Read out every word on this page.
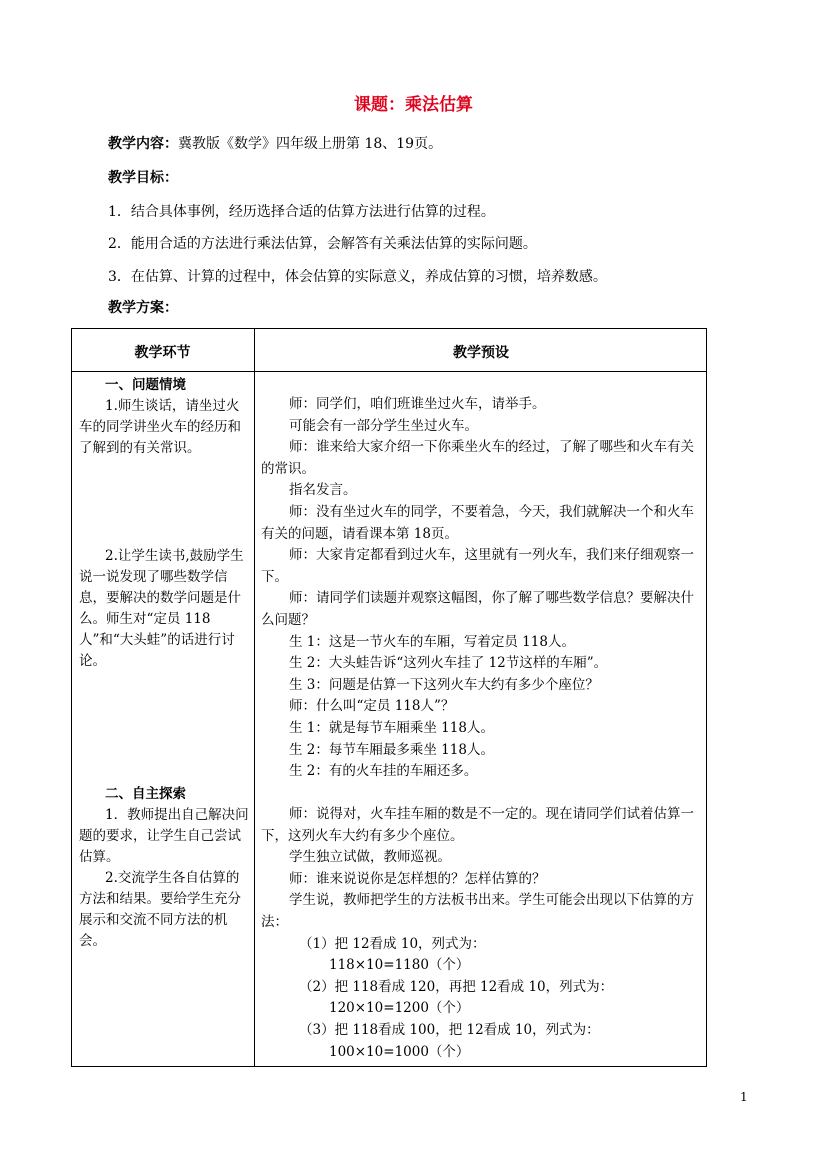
课题：乘法估算
教学内容：冀教版《数学》四年级上册第 18、19页。
教学目标：
1．结合具体事例，经历选择合适的估算方法进行估算的过程。
2．能用合适的方法进行乘法估算，会解答有关乘法估算的实际问题。
3．在估算、计算的过程中，体会估算的实际意义，养成估算的习惯，培养数感。
教学方案：
教学环节	教学预设
一、问题情境

1.师生谈话，请坐过火车的同学讲坐火车的经历和了解到的有关常识。

2.让学生读书,鼓励学生说一说发现了哪些数学信息，要解决的数学问题是什么。师生对“定员 118 人”和“大头蛙”的话进行讨论。

二、自主探索

1．教师提出自己解决问题的要求，让学生自己尝试估算。

2.交流学生各自估算的方法和结果。要给学生充分展示和交流不同方法的机会。

师：同学们，咱们班谁坐过火车，请举手。

可能会有一部分学生坐过火车。

师：谁来给大家介绍一下你乘坐火车的经过，了解了哪些和火车有关的常识。

指名发言。

师：没有坐过火车的同学，不要着急，今天，我们就解决一个和火车有关的问题，请看课本第 18页。

师：大家肯定都看到过火车，这里就有一列火车，我们来仔细观察一下。

师：请同学们读题并观察这幅图，你了解了哪些数学信息？要解决什么问题？

生 1：这是一节火车的车厢，写着定员 118人。

生 2：大头蛙告诉“这列火车挂了 12节这样的车厢”。

生 3：问题是估算一下这列火车大约有多少个座位？

师：什么叫“定员 118人”？

生 1：就是每节车厢乘坐 118人。

生 2：每节车厢最多乘坐 118人。

生 2：有的火车挂的车厢还多。

师：说得对，火车挂车厢的数是不一定的。现在请同学们试着估算一下，这列火车大约有多少个座位。

学生独立试做，教师巡视。

师：谁来说说你是怎样想的？怎样估算的？

学生说，教师把学生的方法板书出来。学生可能会出现以下估算的方法：

（1）把 12看成 10，列式为：

118×10=1180（个）

（2）把 118看成 120，再把 12看成 10，列式为：

120×10=1200（个）

（3）把 118看成 100，把 12看成 10，列式为：

100×10=1000（个）

1
